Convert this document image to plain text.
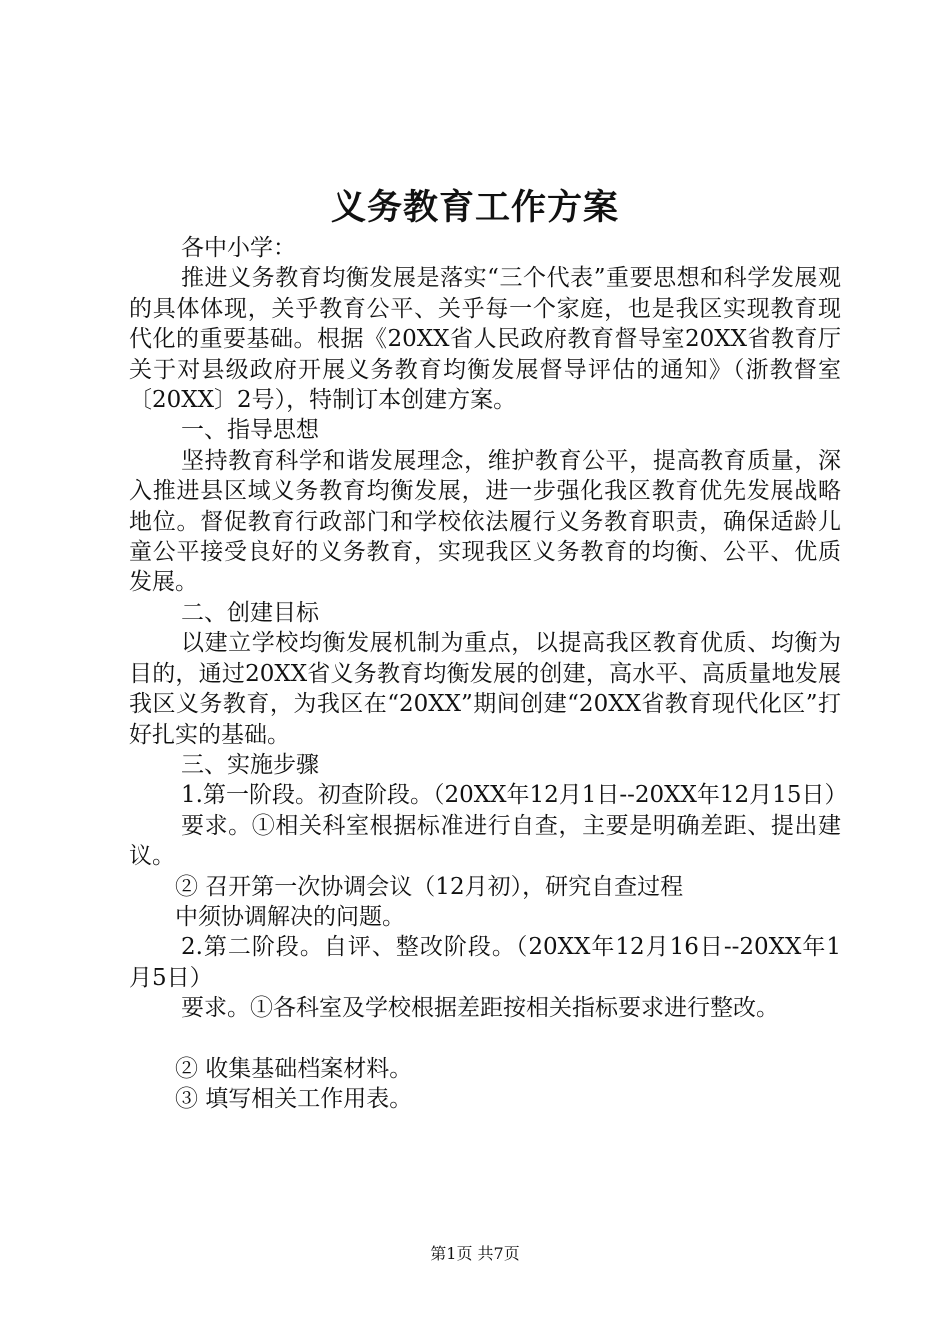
义务教育工作方案

各中小学：

推进义务教育均衡发展是落实“三个代表”重要思想和科学发展观的具体体现，关乎教育公平、关乎每一个家庭，也是我区实现教育现代化的重要基础。根据《20XX省人民政府教育督导室20XX省教育厅关于对县级政府开展义务教育均衡发展督导评估的通知》（浙教督室〔20XX〕2号），特制订本创建方案。

一、指导思想

坚持教育科学和谐发展理念，维护教育公平，提高教育质量，深入推进县区域义务教育均衡发展，进一步强化我区教育优先发展战略地位。督促教育行政部门和学校依法履行义务教育职责，确保适龄儿童公平接受良好的义务教育，实现我区义务教育的均衡、公平、优质发展。

二、创建目标

以建立学校均衡发展机制为重点，以提高我区教育优质、均衡为目的，通过20XX省义务教育均衡发展的创建，高水平、高质量地发展我区义务教育，为我区在“20XX”期间创建“20XX省教育现代化区”打好扎实的基础。

三、实施步骤

1.第一阶段。初查阶段。（20XX年12月1日--20XX年12月15日）

要求。①相关科室根据标准进行自查，主要是明确差距、提出建议。

② 召开第一次协调会议（12月初），研究自查过程

中须协调解决的问题。

2.第二阶段。自评、整改阶段。（20XX年12月16日--20XX年1月5日）

要求。①各科室及学校根据差距按相关指标要求进行整改。

② 收集基础档案材料。

③ 填写相关工作用表。

第1页 共7页
